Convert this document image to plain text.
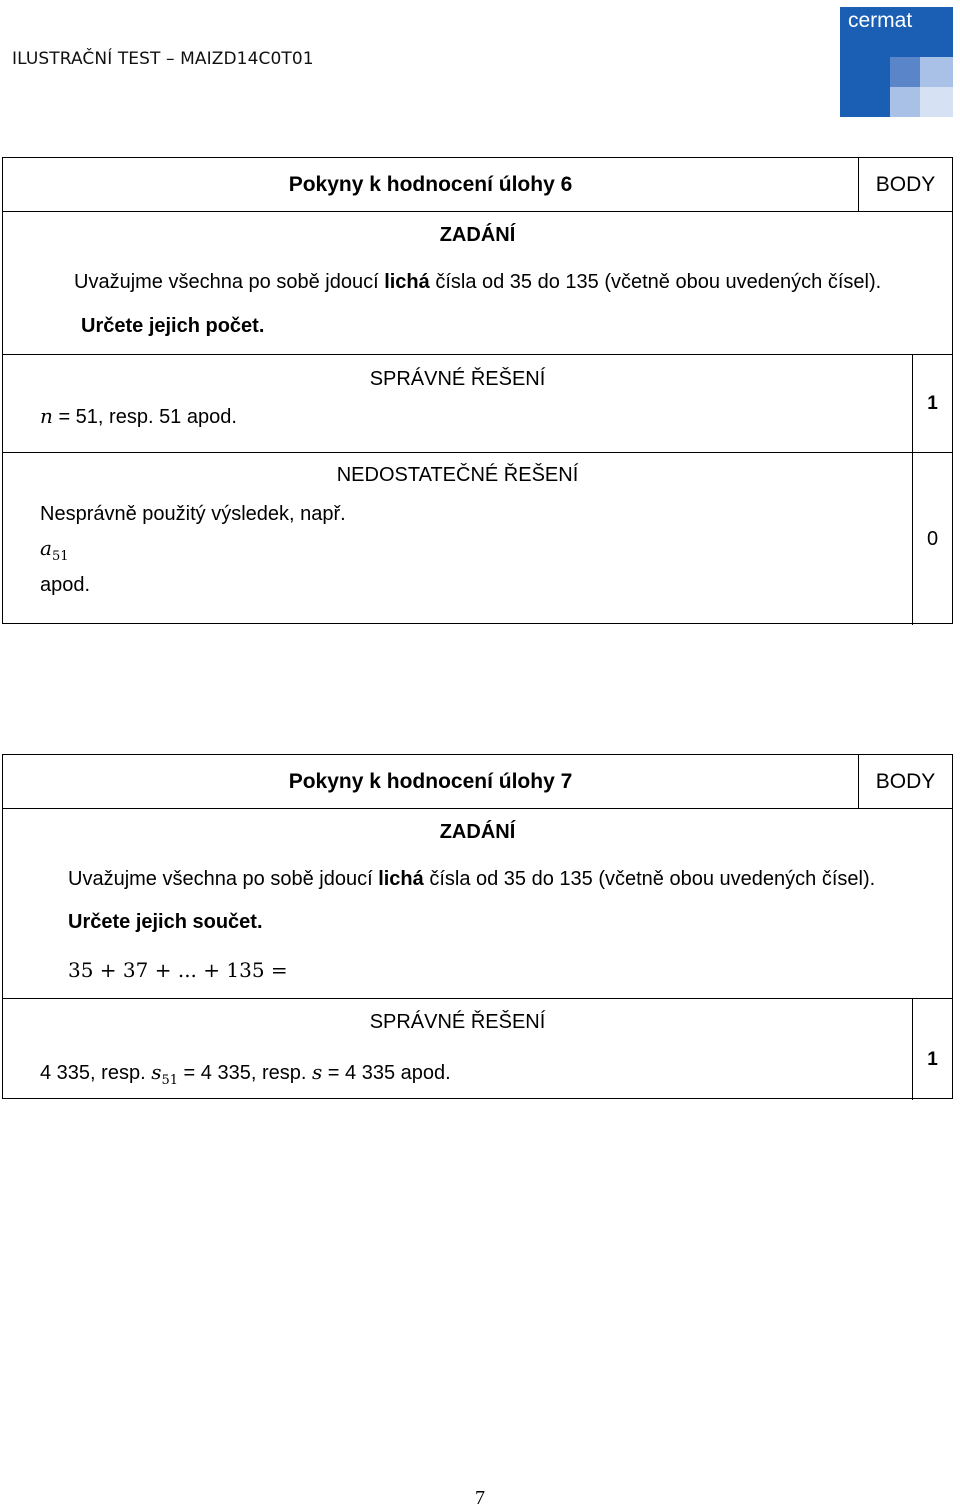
ILUSTRAČNÍ TEST – MAIZD14C0T01
cermat
Pokyny k hodnocení úlohy 6	BODY
ZADÁNÍ
Uvažujme všechna po sobě jdoucí lichá čísla od 35 do 135 (včetně obou uvedených čísel).
Určete jejich počet.
SPRÁVNÉ ŘEŠENÍ
n = 51, resp. 51 apod.
1
NEDOSTATEČNÉ ŘEŠENÍ
Nesprávně použitý výsledek, např.
$a_{51}$
apod.
0
Pokyny k hodnocení úlohy 7	BODY
ZADÁNÍ
Uvažujme všechna po sobě jdoucí lichá čísla od 35 do 135 (včetně obou uvedených čísel).
Určete jejich součet.
35 + 37 + ... + 135 =
SPRÁVNÉ ŘEŠENÍ
4 335, resp. $s_{51} = 4$ 335, resp. s = 4 335 apod.
1
7
